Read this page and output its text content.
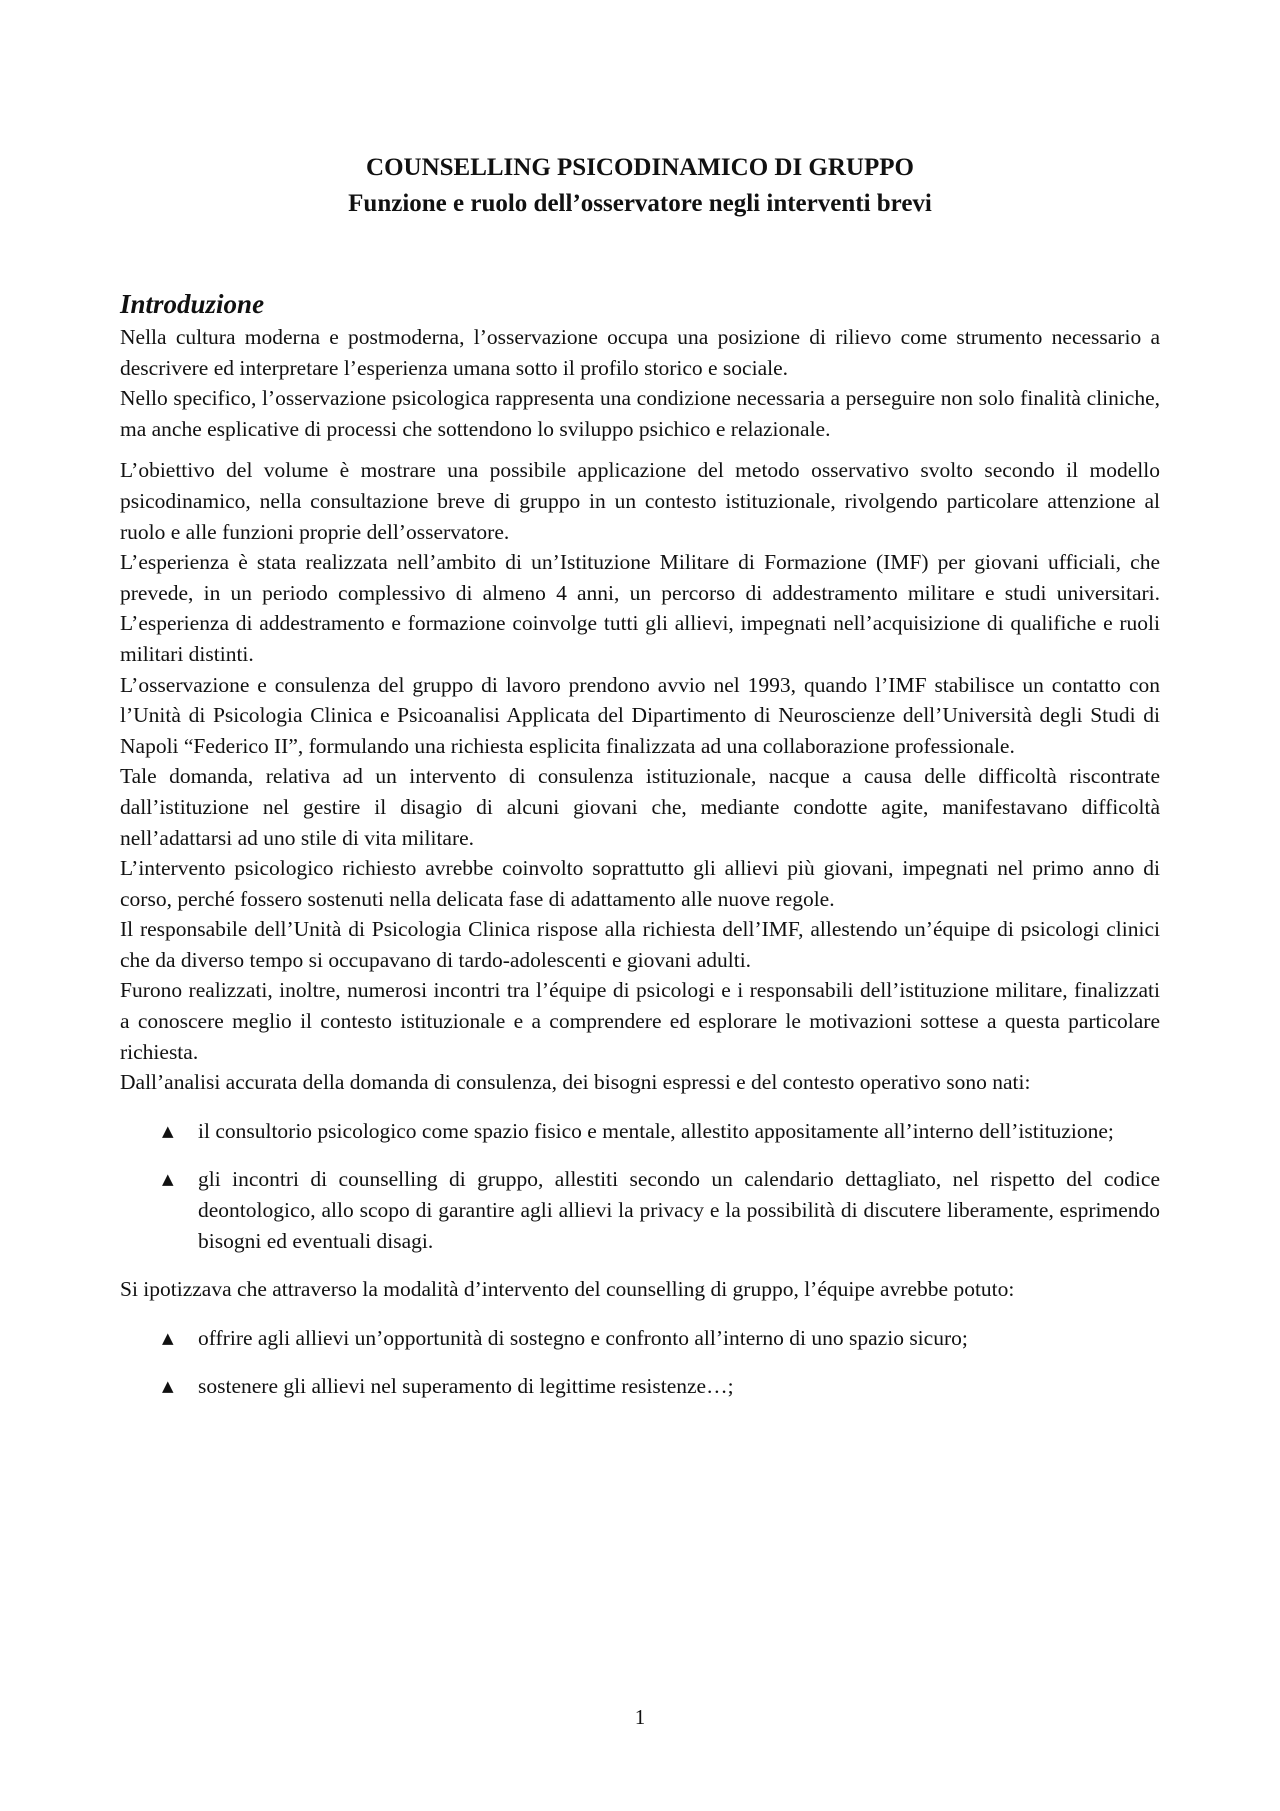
COUNSELLING PSICODINAMICO DI GRUPPO
Funzione e ruolo dell’osservatore negli interventi brevi
Introduzione

Nella cultura moderna e postmoderna, l’osservazione occupa una posizione di rilievo come strumento necessario a descrivere ed interpretare l’esperienza umana sotto il profilo storico e sociale.

Nello specifico, l’osservazione psicologica rappresenta una condizione necessaria a perseguire non solo finalità cliniche, ma anche esplicative di processi che sottendono lo sviluppo psichico e relazionale.

L’obiettivo del volume è mostrare una possibile applicazione del metodo osservativo svolto secondo il modello psicodinamico, nella consultazione breve di gruppo in un contesto istituzionale, rivolgendo particolare attenzione al ruolo e alle funzioni proprie dell’osservatore.

L’esperienza è stata realizzata nell’ambito di un’Istituzione Militare di Formazione (IMF) per giovani ufficiali, che prevede, in un periodo complessivo di almeno 4 anni, un percorso di addestramento militare e studi universitari. L’esperienza di addestramento e formazione coinvolge tutti gli allievi, impegnati nell’acquisizione di qualifiche e ruoli militari distinti.

L’osservazione e consulenza del gruppo di lavoro prendono avvio nel 1993, quando l’IMF stabilisce un contatto con l’Unità di Psicologia Clinica e Psicoanalisi Applicata del Dipartimento di Neuroscienze dell’Università degli Studi di Napoli “Federico II”, formulando una richiesta esplicita finalizzata ad una collaborazione professionale.

Tale domanda, relativa ad un intervento di consulenza istituzionale, nacque a causa delle difficoltà riscontrate dall’istituzione nel gestire il disagio di alcuni giovani che, mediante condotte agite, manifestavano difficoltà nell’adattarsi ad uno stile di vita militare.

L’intervento psicologico richiesto avrebbe coinvolto soprattutto gli allievi più giovani, impegnati nel primo anno di corso, perché fossero sostenuti nella delicata fase di adattamento alle nuove regole.

Il responsabile dell’Unità di Psicologia Clinica rispose alla richiesta dell’IMF, allestendo un’équipe di psicologi clinici che da diverso tempo si occupavano di tardo-adolescenti e giovani adulti.

Furono realizzati, inoltre, numerosi incontri tra l’équipe di psicologi e i responsabili dell’istituzione militare, finalizzati a conoscere meglio il contesto istituzionale e a comprendere ed esplorare le motivazioni sottese a questa particolare richiesta.

Dall’analisi accurata della domanda di consulenza, dei bisogni espressi e del contesto operativo sono nati:

▲ il consultorio psicologico come spazio fisico e mentale, allestito appositamente all’interno dell’istituzione;
▲ gli incontri di counselling di gruppo, allestiti secondo un calendario dettagliato, nel rispetto del codice deontologico, allo scopo di garantire agli allievi la privacy e la possibilità di discutere liberamente, esprimendo bisogni ed eventuali disagi.

Si ipotizzava che attraverso la modalità d’intervento del counselling di gruppo, l’équipe avrebbe potuto:

▲ offrire agli allievi un’opportunità di sostegno e confronto all’interno di uno spazio sicuro;
▲ sostenere gli allievi nel superamento di legittime resistenze…;
1
